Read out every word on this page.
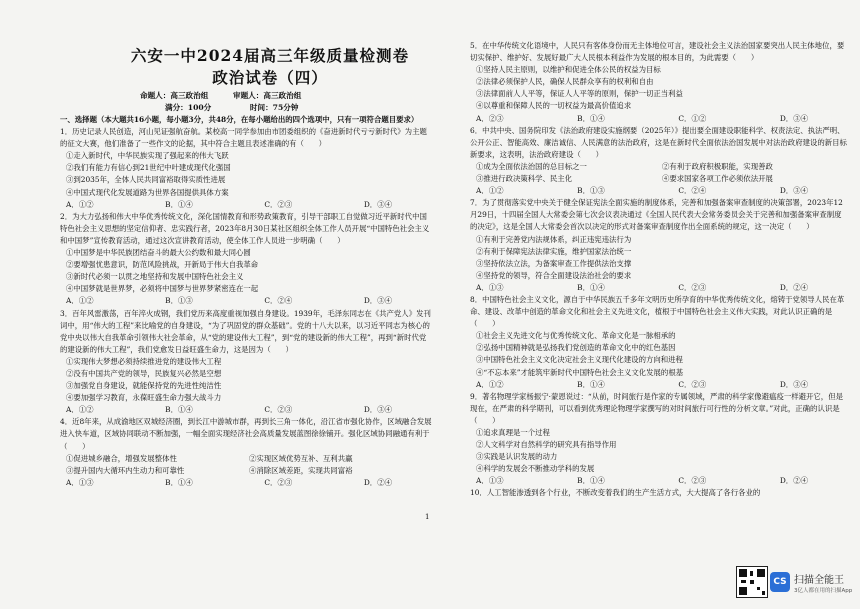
六安一中2024届高三年级质量检测卷
政治试卷（四）
命题人：高三政治组	审题人：高三政治组
满分：100分	时间：75分钟

一、选择题（本大题共16小题，每小题3分，共48分，在每小题给出的四个选项中，只有一项符合题目要求）

1．历史记录人民创造，河山见证强航奋航。某校高一同学参加由市团委组织的《奋进新时代亏亏新时代》为主题的征文大赛，他们准备了一些作文的论据，其中符合主题且表述准确的有（　　）

①走入新时代，中华民族实现了强起来的伟大飞跃

②我们有能力有信心到21世纪中叶建成现代化强国

③到2035年，全体人民共同富裕取得实质性进展

④中国式现代化发展道路为世界各国提供具体方案

A．①②	B．①④	C．②③	D．③④

2．为大力弘扬和伟大中华优秀传统文化，深化国情教育和形势政策教育，引导干部职工自觉做习近平新时代中国特色社会主义思想的坚定信仰者、忠实践行者，2023年8月30日某社区组织全体工作人员开展“中国特色社会主义和中国梦”宣传教育活动，通过这次宣讲教育活动，使全体工作人员进一步明确（　　）

①中国梦是中华民族团结奋斗的最大公约数和最大同心圆

②要增强忧患意识，防范风险挑战，开新局于伟大自我革命

③新时代必须一以贯之地坚持和发展中国特色社会主义

④中国梦就是世界梦，必须将中国梦与世界梦紧密连在一起

A．①②	B．①③	C．②④	D．③④

3．百年风雷激荡，百年淬火成钢，我们党历来高度重视加强自身建设。1939年，毛泽东同志在《共产党人》发刊词中，用“伟大的工程”来比喻党的自身建设，“为了巩固党的群众基础”。党的十八大以来，以习近平同志为核心的党中央以伟大自我革命引领伟大社会革命，从“党的建设伟大工程”，到“党的建设新的伟大工程”，再到“新时代党的建设新的伟大工程”，我们党愈发日益旺盛生命力，这是因为（　　）

①实现伟大梦想必须持续推进党的建设伟大工程

②没有中国共产党的领导，民族复兴必然是空想

③加强党自身建设，就能保持党的先进性纯洁性

④要加强学习教育，永葆旺盛生命力强大战斗力

A．①②	B．①④	C．②③	D．③④

4．近8年来，从成渝地区双城经济圈，到长江中游城市群，再到长三角一体化，沿江省市强化协作，区域融合发展进入快车道，区域协同联动不断加强，一幅全面实现经济社会高质量发展蓝图徐徐铺开。强化区域协同融通有利于（　　）

①促进城乡融合，增强发展整体性	②实现区域优势互补、互利共赢
③提升国内大循环内生动力和可靠性	④消除区域差距，实现共同富裕
A．①③	B．①④	C．②③	D．②④

5．在中华传统文化语境中，人民只有客体身份而无主体地位可言，建设社会主义法治国家要突出人民主体地位，要切实保护、维护好、发展好最广大人民根本利益作为发展的根本目的，为此需要（　　）

①坚持人民主原则，以维护和促进全体公民的权益为目标

②法律必须保护人民，确保人民群众享有的权利和自由

③法律面前人人平等，保证人人平等的原则，保护一切正当利益

④以尊重和保障人民的一切权益为最高价值追求

A．②③	B．①④	C．①②	D．③④

6．中共中央、国务院印发《法治政府建设实施纲要（2025年）》提出要全面建设职能科学、权责法定、执法严明、公开公正、智能高效、廉洁诚信、人民满意的法治政府，这是在新时代全面依法治国发展中对法治政府建设的新目标新要求，这表明，法治政府建设（　　）

①成为全面依法治国的总目标之一	②有利于政府积极职能，实现善政
③推进行政决策科学、民主化	④要求国家各项工作必须依法开展
A．①②	B．①③	C．②④	D．③④

7．为了贯彻落实党中央关于健全保证宪法全面实施的制度体系，完善和加强备案审查制度的决策部署，2023年12月29日，十四届全国人大常委会第七次会议表决通过《全国人民代表大会常务委员会关于完善和加强备案审查制度的决定》，这是全国人大常委会首次以决定的形式对备案审查制度作出全面系统的规定，这一决定（　　）

①有利于完善党内法规体系，纠正违宪违法行为

②有利于保障宪法法律实施，维护国家法治统一

③坚持依法立法，为备案审查工作提供法治支撑

④坚持党的领导，符合全面建设法治社会的要求

A．①③	B．①④	C．②③	D．②④

8．中国特色社会主义文化，源自于中华民族五千多年文明历史所孕育的中华优秀传统文化，熔铸于党领导人民在革命、建设、改革中创造的革命文化和社会主义先进文化，植根于中国特色社会主义伟大实践，对此认识正确的是（　　）

①社会主义先进文化与优秀传统文化、革命文化是一脉相承的

②弘扬中国精神就是弘扬我们党创造的革命文化中的红色基因

③中国特色社会主义文化决定社会主义现代化建设的方向和进程

④“不忘本来”才能筑牢新时代中国特色社会主义文化发展的根基

A．①②	B．①④	C．②③	D．③④

9．著名物理学家杨振宁·蒙恩说过：“从前，时间旅行是作家的专属领域，严肃的科学家像避瘟疫一样避开它，但是现在，在严肃的科学期刊，可以看到优秀理论物理学家撰写的对时间旅行可行性的分析文章。”对此，正确的认识是（　　）

①追求真理是一个过程

②人文科学对自然科学的研究具有指导作用

③实践是认识发展的动力

④科学的发展会不断推动学科的发展

A．①③	B．①④	C．②③	D．②④

10．人工智能渗透到各个行业，不断改变着我们的生产生活方式，大大提高了各行各业的

1
CS 扫描全能王
3亿人都在用的扫描App
